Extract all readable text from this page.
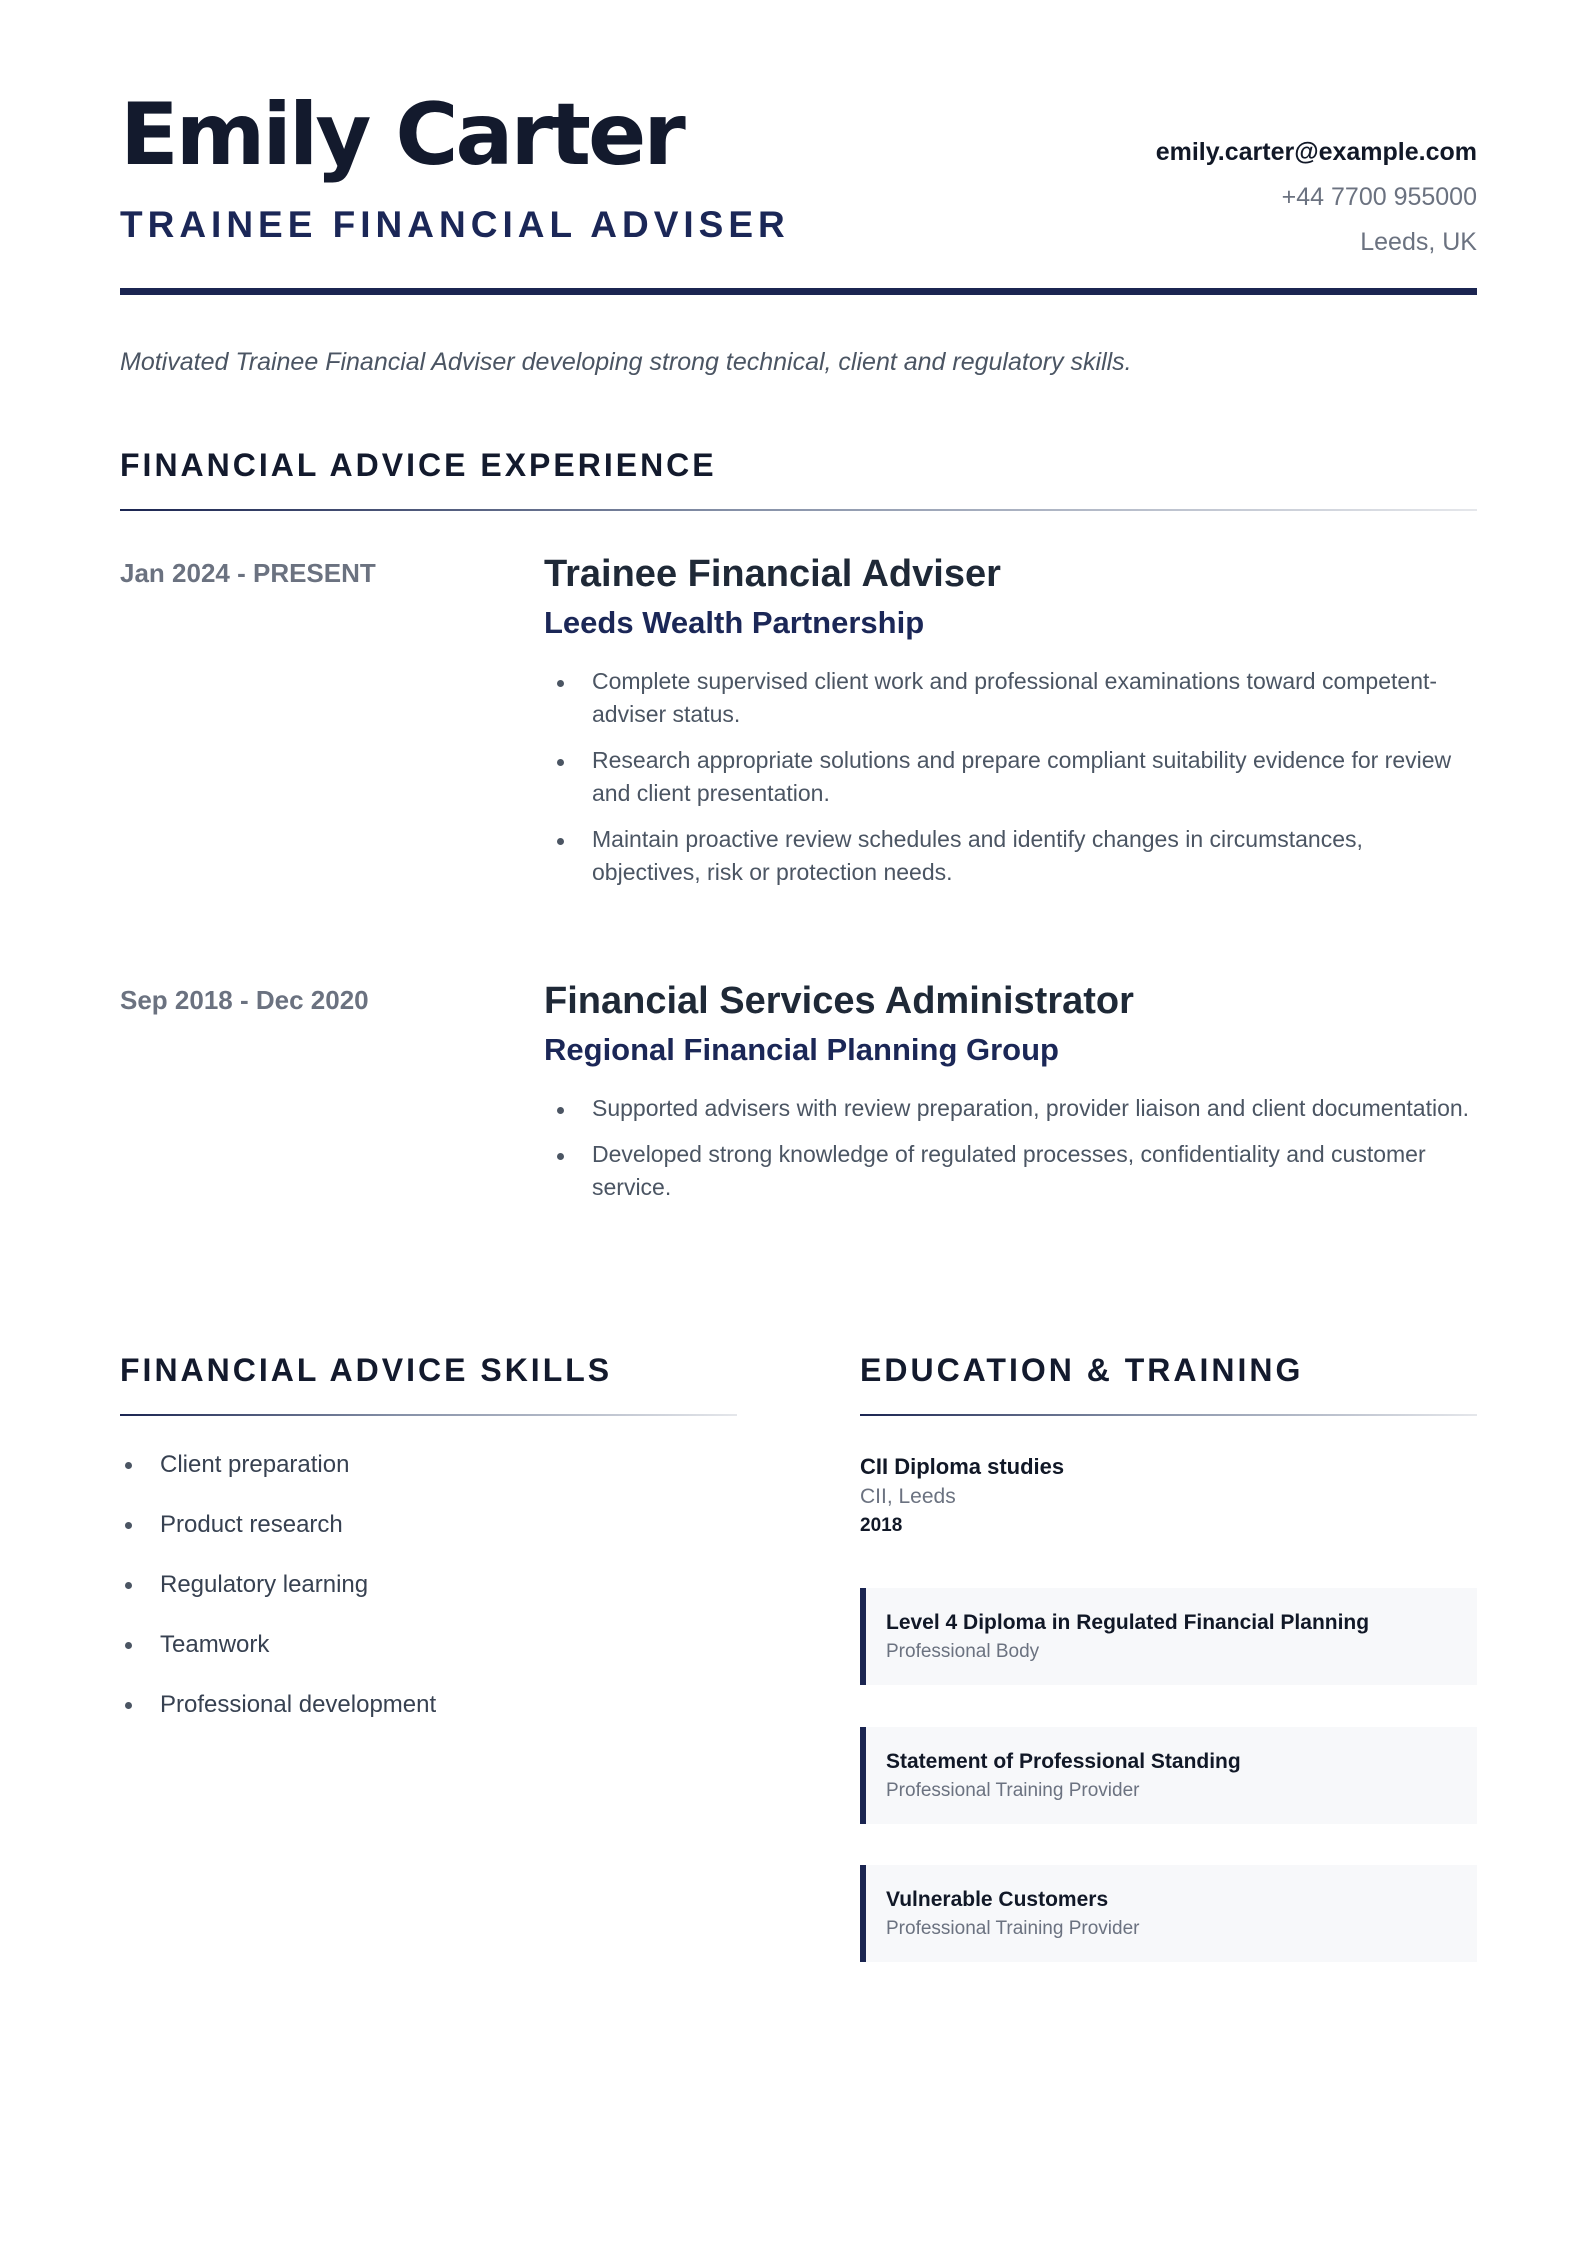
Emily Carter
TRAINEE FINANCIAL ADVISER
emily.carter@example.com
+44 7700 955000
Leeds, UK

Motivated Trainee Financial Adviser developing strong technical, client and regulatory skills.

FINANCIAL ADVICE EXPERIENCE
Jan 2024 - PRESENT	Trainee Financial Adviser
Leeds Wealth Partnership
Complete supervised client work and professional examinations toward competent-adviser status.
Research appropriate solutions and prepare compliant suitability evidence for review and client presentation.
Maintain proactive review schedules and identify changes in circumstances, objectives, risk or protection needs.
Sep 2018 - Dec 2020	Financial Services Administrator
Regional Financial Planning Group
Supported advisers with review preparation, provider liaison and client documentation.
Developed strong knowledge of regulated processes, confidentiality and customer service.
FINANCIAL ADVICE SKILLS
Client preparation
Product research
Regulatory learning
Teamwork
Professional development
EDUCATION & TRAINING

CII Diploma studies

CII, Leeds

2018

Level 4 Diploma in Regulated Financial Planning

Professional Body

Statement of Professional Standing

Professional Training Provider

Vulnerable Customers

Professional Training Provider
